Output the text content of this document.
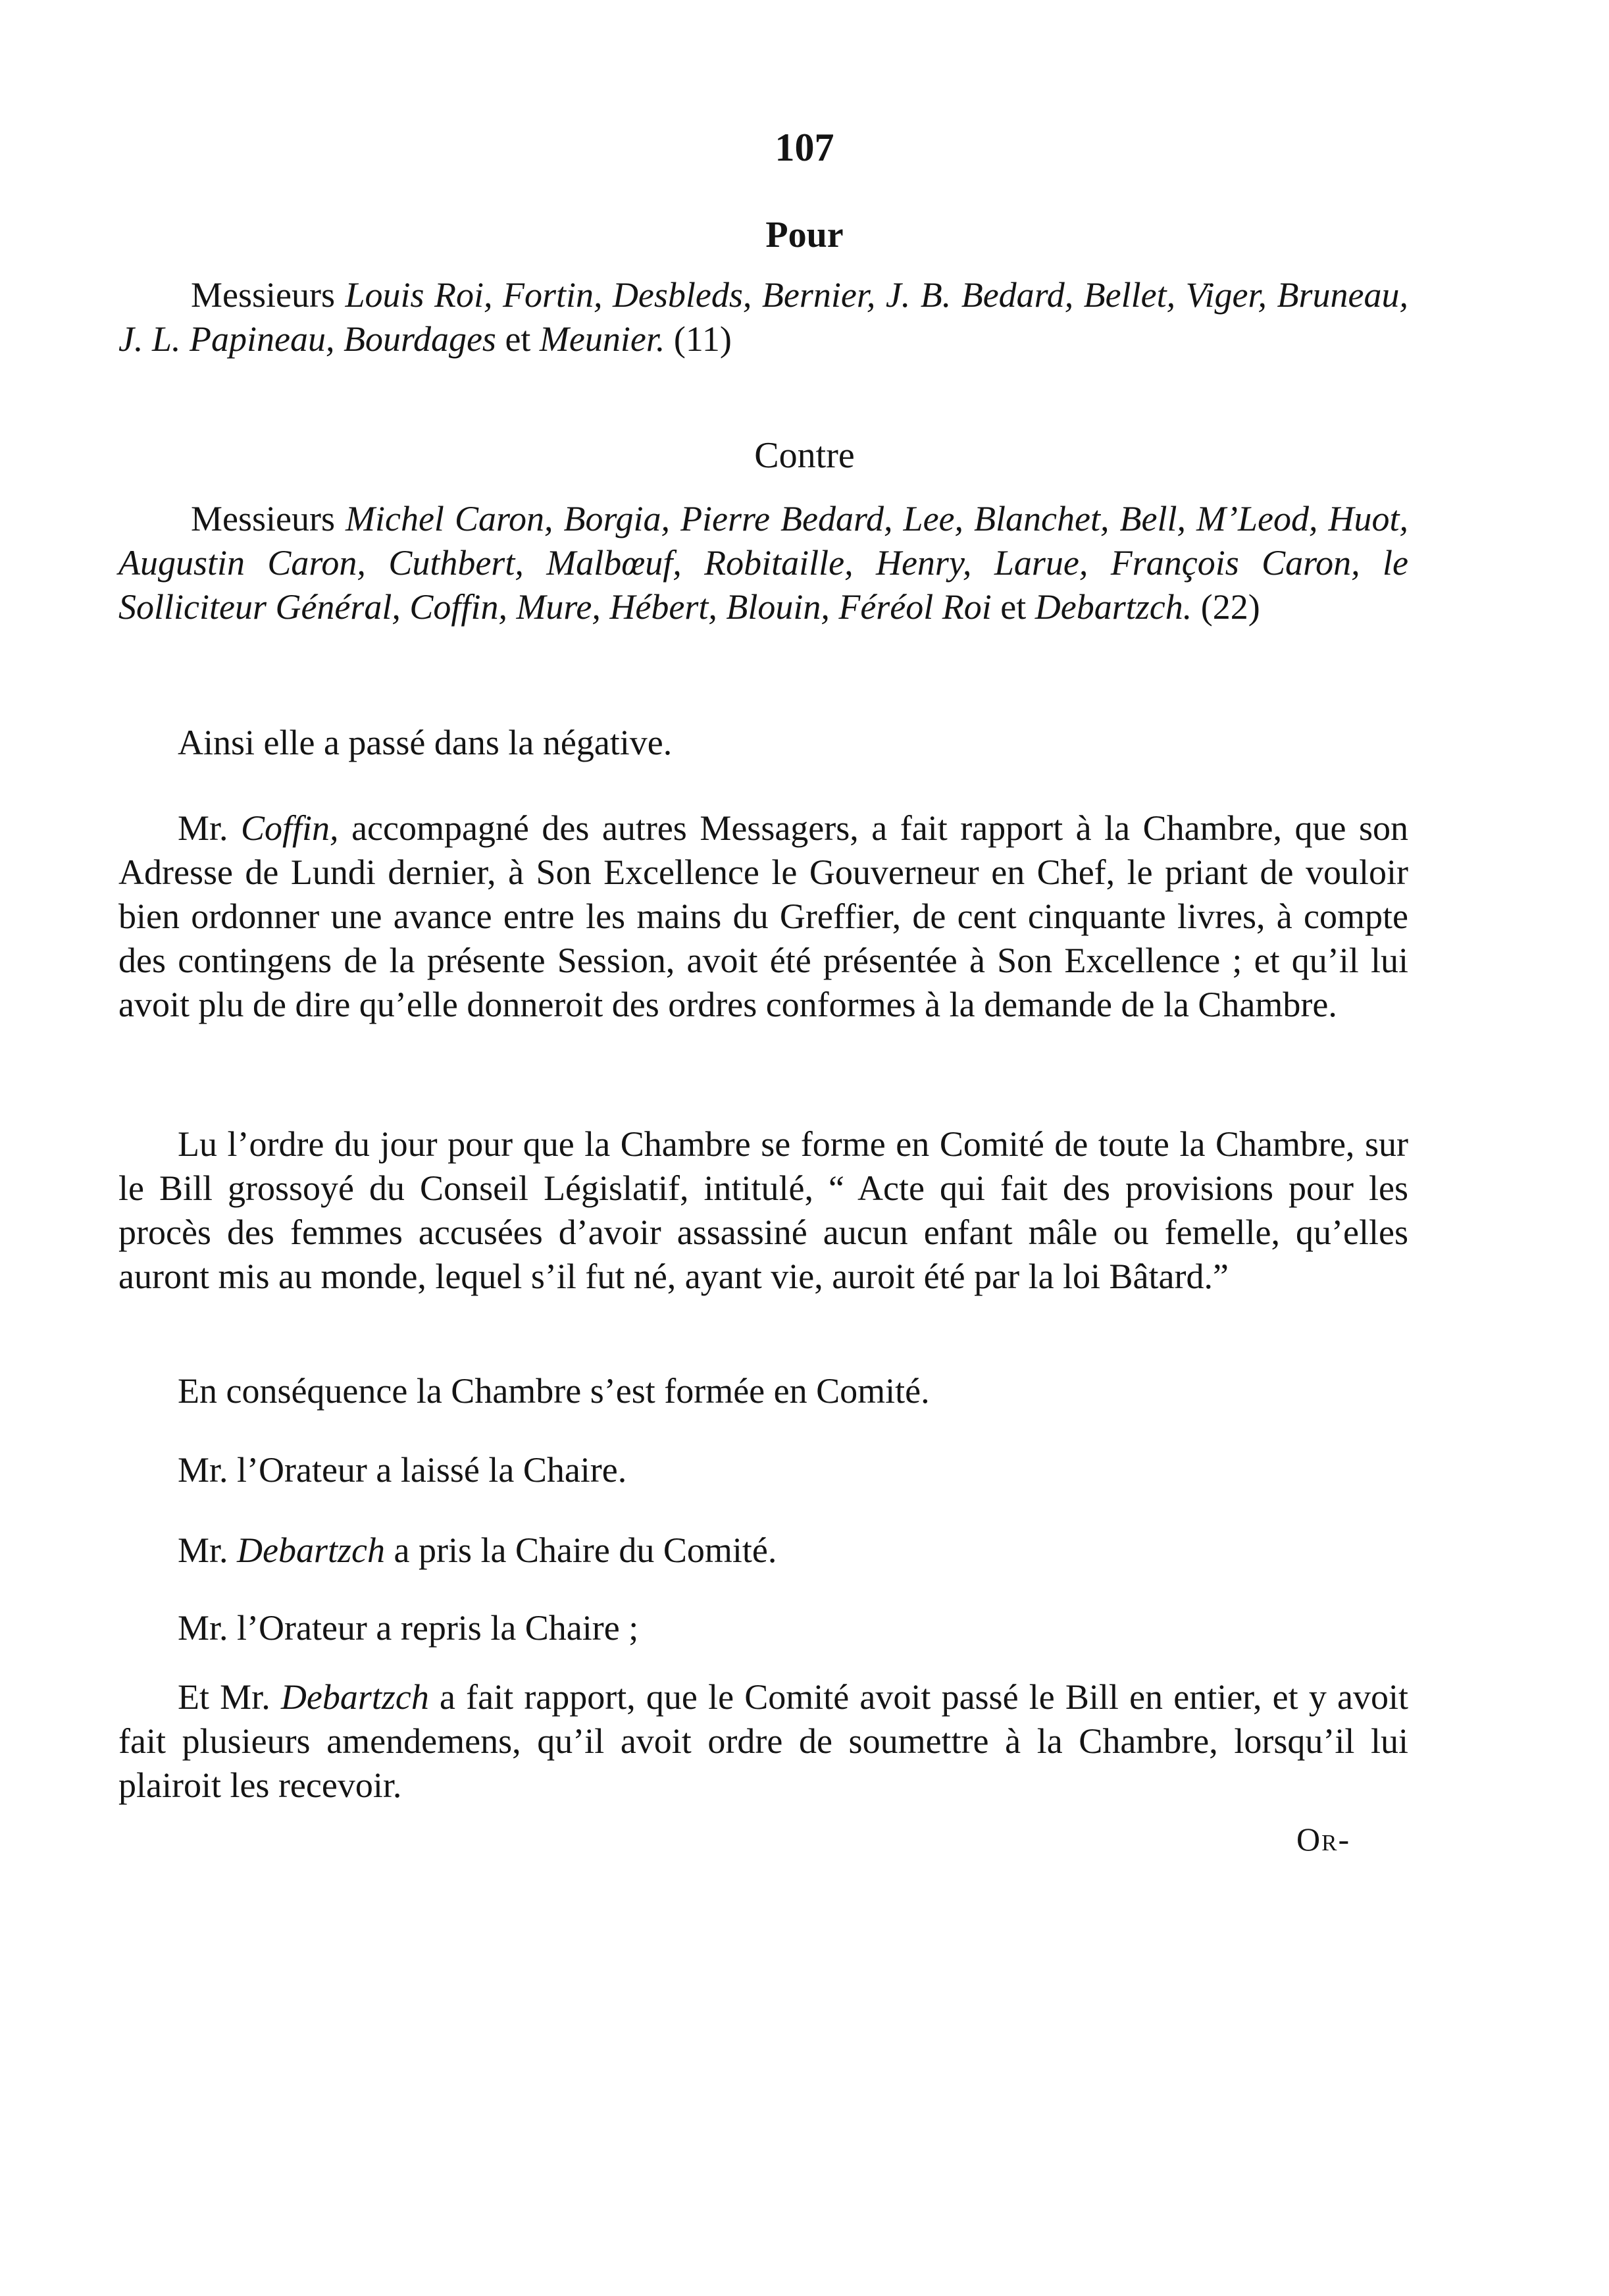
107
Pour

Messieurs Louis Roi, Fortin, Desbleds, Bernier, J. B. Bedard, Bellet, Viger, Bruneau, J. L. Papineau, Bourdages et Meunier. (11)

Contre

Messieurs Michel Caron, Borgia, Pierre Bedard, Lee, Blanchet, Bell, M’Leod, Huot, Augustin Caron, Cuthbert, Malbœuf, Robitaille, Henry, Larue, François Caron, le Solliciteur Général, Coffin, Mure, Hébert, Blouin, Féréol Roi et Debartzch. (22)

Ainsi elle a passé dans la négative.

Mr. Coffin, accompagné des autres Messagers, a fait rapport à la Chambre, que son Adresse de Lundi dernier, à Son Excellence le Gouverneur en Chef, le priant de vouloir bien ordonner une avance entre les mains du Greffier, de cent cinquante livres, à compte des contingens de la présente Session, avoit été présentée à Son Excellence ; et qu’il lui avoit plu de dire qu’elle donneroit des ordres conformes à la demande de la Chambre.

Lu l’ordre du jour pour que la Chambre se forme en Comité de toute la Chambre, sur le Bill grossoyé du Conseil Législatif, intitulé, “ Acte qui fait des provisions pour les procès des femmes accusées d’avoir assassiné aucun enfant mâle ou femelle, qu’elles auront mis au monde, lequel s’il fut né, ayant vie, auroit été par la loi Bâtard.”

En conséquence la Chambre s’est formée en Comité.

Mr. l’Orateur a laissé la Chaire.

Mr. Debartzch a pris la Chaire du Comité.

Mr. l’Orateur a repris la Chaire ;

Et Mr. Debartzch a fait rapport, que le Comité avoit passé le Bill en entier, et y avoit fait plusieurs amendemens, qu’il avoit ordre de soumettre à la Chambre, lorsqu’il lui plairoit les recevoir.

Or-
